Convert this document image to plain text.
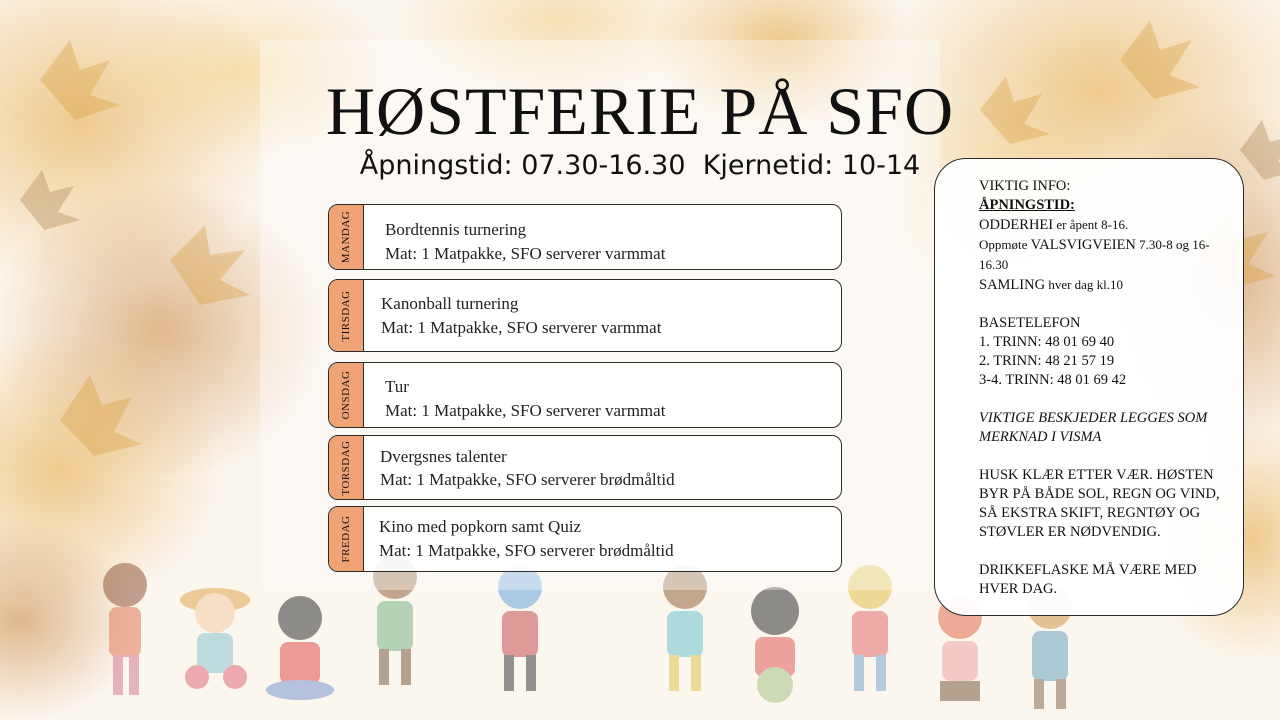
HØSTFERIE PÅ SFO
Åpningstid: 07.30-16.30  Kjernetid: 10-14
MANDAG Bordtennis turnering
Mat: 1 Matpakke, SFO serverer varmmat
TIRSDAG Kanonball turnering
Mat: 1 Matpakke, SFO serverer varmmat
ONSDAG Tur
Mat: 1 Matpakke, SFO serverer varmmat
TORSDAG Dvergsnes talenter
Mat: 1 Matpakke, SFO serverer brødmåltid
FREDAG Kino med popkorn samt Quiz
Mat: 1 Matpakke, SFO serverer brødmåltid

VIKTIG INFO:

ÅPNINGSTID:

ODDERHEI er åpent 8-16.

Oppmøte VALSVIGVEIEN 7.30-8 og 16-16.30

SAMLING hver dag kl.10

BASETELEFON

1. TRINN: 48 01 69 40

2. TRINN: 48 21 57 19

3-4. TRINN: 48 01 69 42

VIKTIGE BESKJEDER LEGGES SOM MERKNAD I VISMA

HUSK KLÆR ETTER VÆR. HØSTEN BYR PÅ BÅDE SOL, REGN OG VIND, SÅ EKSTRA SKIFT, REGNTØY OG STØVLER ER NØDVENDIG.

DRIKKEFLASKE MÅ VÆRE MED HVER DAG.
